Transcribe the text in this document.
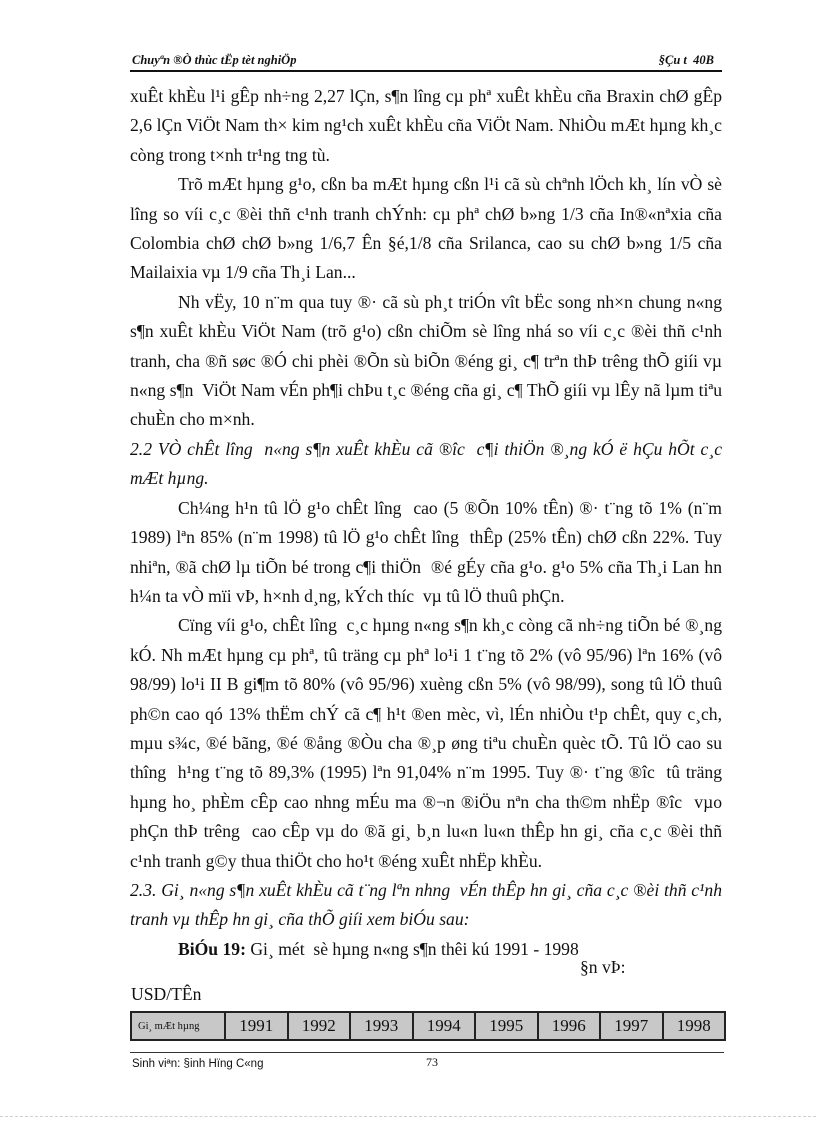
Chuyªn ®Ò thùc tËp tèt nghiÖp	§Çu t  40B

xuÊt khÈu l¹i gÊp nh÷ng 2,27 lÇn, s¶n lîng cµ phª xuÊt khÈu cña Braxin chØ gÊp 2,6 lÇn ViÖt Nam th× kim ng¹ch xuÊt khÈu cña ViÖt Nam. NhiÒu mÆt hµng kh¸c còng trong t×nh tr¹ng tng tù.

Trõ mÆt hµng g¹o, cßn ba mÆt hµng cßn l¹i cã sù chªnh lÖch kh¸ lín vÒ sè lîng so víi c¸c ®èi thñ c¹nh tranh chÝnh: cµ phª chØ b»ng 1/3 cña In®«nªxia cña Colombia chØ chØ b»ng 1/6,7 Ên §é,1/8 cña Srilanca, cao su chØ b»ng 1/5 cña Mailaixia vµ 1/9 cña Th¸i Lan...

Nh vËy, 10 n¨m qua tuy ®· cã sù ph¸t triÓn vît bËc song nh×n chung n«ng s¶n xuÊt khÈu ViÖt Nam (trõ g¹o) cßn chiÕm sè lîng nhá so víi c¸c ®èi thñ c¹nh tranh, cha ®ñ søc ®Ó chi phèi ®Õn sù biÕn ®éng gi¸ c¶ trªn thÞ trêng thÕ giíi vµ n«ng s¶n  ViÖt Nam vÉn ph¶i chÞu t¸c ®éng cña gi¸ c¶ ThÕ giíi vµ lÊy nã lµm tiªu chuÈn cho m×nh.

2.2 VÒ chÊt lîng  n«ng s¶n xuÊt khÈu cã ®îc  c¶i thiÖn ®¸ng kÓ ë hÇu hÕt c¸c mÆt hµng.

Ch¼ng h¹n tû lÖ g¹o chÊt lîng  cao (5 ®Õn 10% tÊn) ®· t¨ng tõ 1% (n¨m 1989) lªn 85% (n¨m 1998) tû lÖ g¹o chÊt lîng  thÊp (25% tÊn) chØ cßn 22%. Tuy nhiªn, ®ã chØ lµ tiÕn bé trong c¶i thiÖn  ®é gÉy cña g¹o. g¹o 5% cña Th¸i Lan hn h¼n ta vÒ mïi vÞ, h×nh d¸ng, kÝch thíc  vµ tû lÖ thuû phÇn.

Cïng víi g¹o, chÊt lîng  c¸c hµng n«ng s¶n kh¸c còng cã nh÷ng tiÕn bé ®¸ng kÓ. Nh mÆt hµng cµ phª, tû träng cµ phª lo¹i 1 t¨ng tõ 2% (vô 95/96) lªn 16% (vô 98/99) lo¹i II B gi¶m tõ 80% (vô 95/96) xuèng cßn 5% (vô 98/99), song tû lÖ thuû ph©n cao qó 13% thËm chÝ cã c¶ h¹t ®en mèc, vì, lÉn nhiÒu t¹p chÊt, quy c¸ch, mµu s¾c, ®é bãng, ®é ®ång ®Òu cha ®¸p øng tiªu chuÈn quèc tÕ. Tû lÖ cao su thîng  h¹ng t¨ng tõ 89,3% (1995) lªn 91,04% n¨m 1995. Tuy ®· t¨ng ®îc  tû träng hµng ho¸ phÈm cÊp cao nhng mÉu ma ®¬n ®iÖu nªn cha th©m nhËp ®îc  vµo phÇn thÞ trêng  cao cÊp vµ do ®ã gi¸ b¸n lu«n lu«n thÊp hn gi¸ cña c¸c ®èi thñ c¹nh tranh g©y thua thiÖt cho ho¹t ®éng xuÊt nhËp khÈu.

2.3. Gi¸ n«ng s¶n xuÊt khÈu cã t¨ng lªn nhng  vÉn thÊp hn gi¸ cña c¸c ®èi thñ c¹nh tranh vµ thÊp hn gi¸ cña thÕ giíi xem biÓu sau:

BiÓu 19: Gi¸ mét  sè hµng n«ng s¶n thêi kú 1991 - 1998

§n vÞ:
USD/TÊn
Gi¸ mÆt hµng	1991	1992	1993	1994	1995	1996	1997	1998
Sinh viªn: §inh Hïng C«ng	73
